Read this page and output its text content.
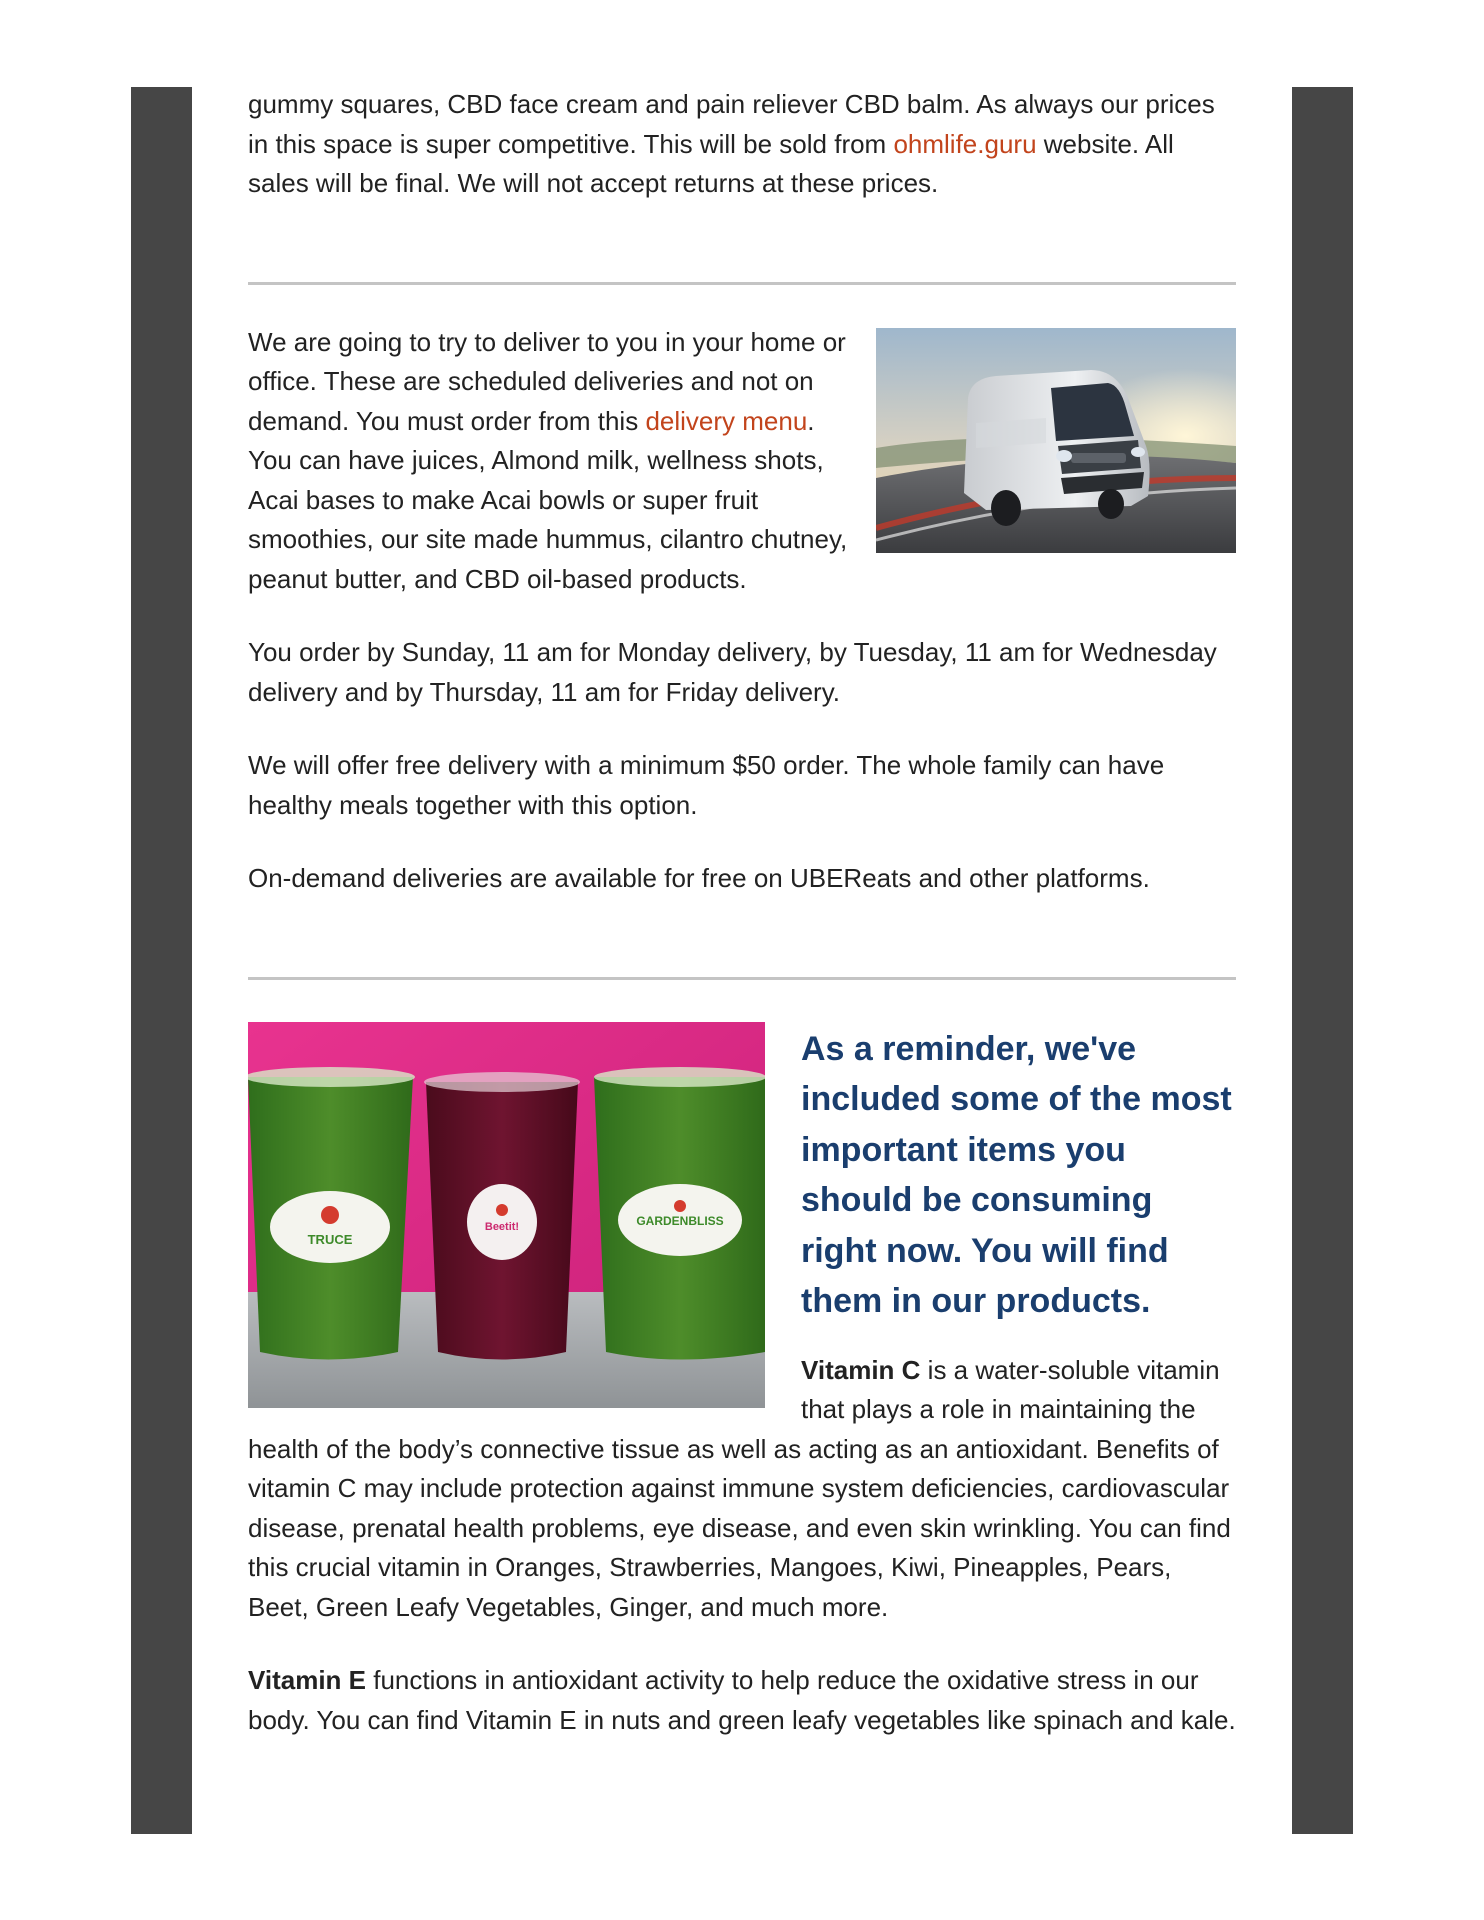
gummy squares, CBD face cream and pain reliever CBD balm. As always our prices in this space is super competitive. This will be sold from ohmlife.guru website. All sales will be final. We will not accept returns at these prices.

We are going to try to deliver to you in your home or office. These are scheduled deliveries and not on demand. You must order from this delivery menu.

You can have juices, Almond milk, wellness shots, Acai bases to make Acai bowls or super fruit smoothies, our site made hummus, cilantro chutney, peanut butter, and CBD oil-based products.

You order by Sunday, 11 am for Monday delivery, by Tuesday, 11 am for Wednesday delivery and by Thursday, 11 am for Friday delivery.

We will offer free delivery with a minimum $50 order. The whole family can have healthy meals together with this option.

On-demand deliveries are available for free on UBEReats and other platforms.

TRUCE
Beetit!	GARDENBLISS
As a reminder, we've included some of the most important items you should be consuming right now. You will find them in our products.

Vitamin C is a water-soluble vitamin that plays a role in maintaining the health of the body’s connective tissue as well as acting as an antioxidant. Benefits of vitamin C may include protection against immune system deficiencies, cardiovascular disease, prenatal health problems, eye disease, and even skin wrinkling. You can find this crucial vitamin in Oranges, Strawberries, Mangoes, Kiwi, Pineapples, Pears, Beet, Green Leafy Vegetables, Ginger, and much more.

Vitamin E functions in antioxidant activity to help reduce the oxidative stress in our body. You can find Vitamin E in nuts and green leafy vegetables like spinach and kale.
